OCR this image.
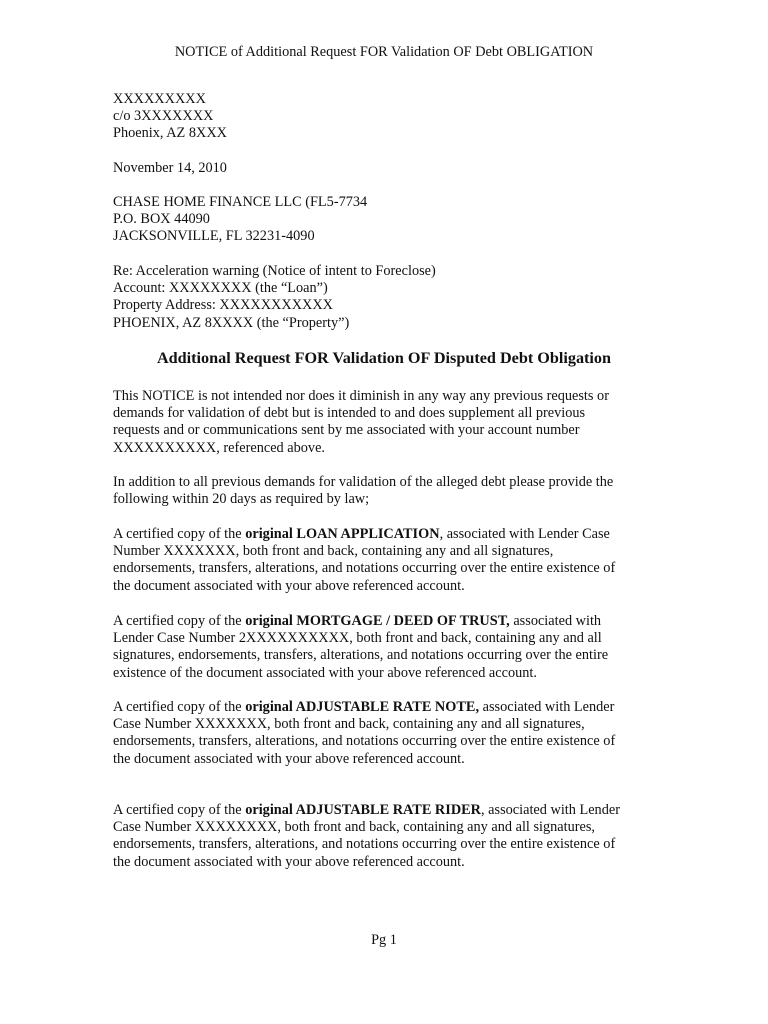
NOTICE of Additional Request FOR Validation OF Debt OBLIGATION
XXXXXXXXX
c/o 3XXXXXXX
Phoenix, AZ 8XXX
November 14, 2010
CHASE HOME FINANCE LLC (FL5-7734
P.O. BOX 44090
JACKSONVILLE, FL 32231-4090
Re: Acceleration warning (Notice of intent to Foreclose)
Account: XXXXXXXX (the “Loan”)
Property Address: XXXXXXXXXXX
PHOENIX, AZ 8XXXX (the “Property”)
Additional Request FOR Validation OF Disputed Debt Obligation

This NOTICE is not intended nor does it diminish in any way any previous requests or
demands for validation of debt but is intended to and does supplement all previous
requests and or communications sent by me associated with your account number
XXXXXXXXXX, referenced above.

In addition to all previous demands for validation of the alleged debt please provide the
following within 20 days as required by law;

A certified copy of the original LOAN APPLICATION, associated with Lender Case
Number XXXXXXX, both front and back, containing any and all signatures,
endorsements, transfers, alterations, and notations occurring over the entire existence of
the document associated with your above referenced account.

A certified copy of the original MORTGAGE / DEED OF TRUST, associated with
Lender Case Number 2XXXXXXXXXX, both front and back, containing any and all
signatures, endorsements, transfers, alterations, and notations occurring over the entire
existence of the document associated with your above referenced account.

A certified copy of the original ADJUSTABLE RATE NOTE, associated with Lender
Case Number XXXXXXX, both front and back, containing any and all signatures,
endorsements, transfers, alterations, and notations occurring over the entire existence of
the document associated with your above referenced account.

A certified copy of the original ADJUSTABLE RATE RIDER, associated with Lender
Case Number XXXXXXXX, both front and back, containing any and all signatures,
endorsements, transfers, alterations, and notations occurring over the entire existence of
the document associated with your above referenced account.

Pg 1
